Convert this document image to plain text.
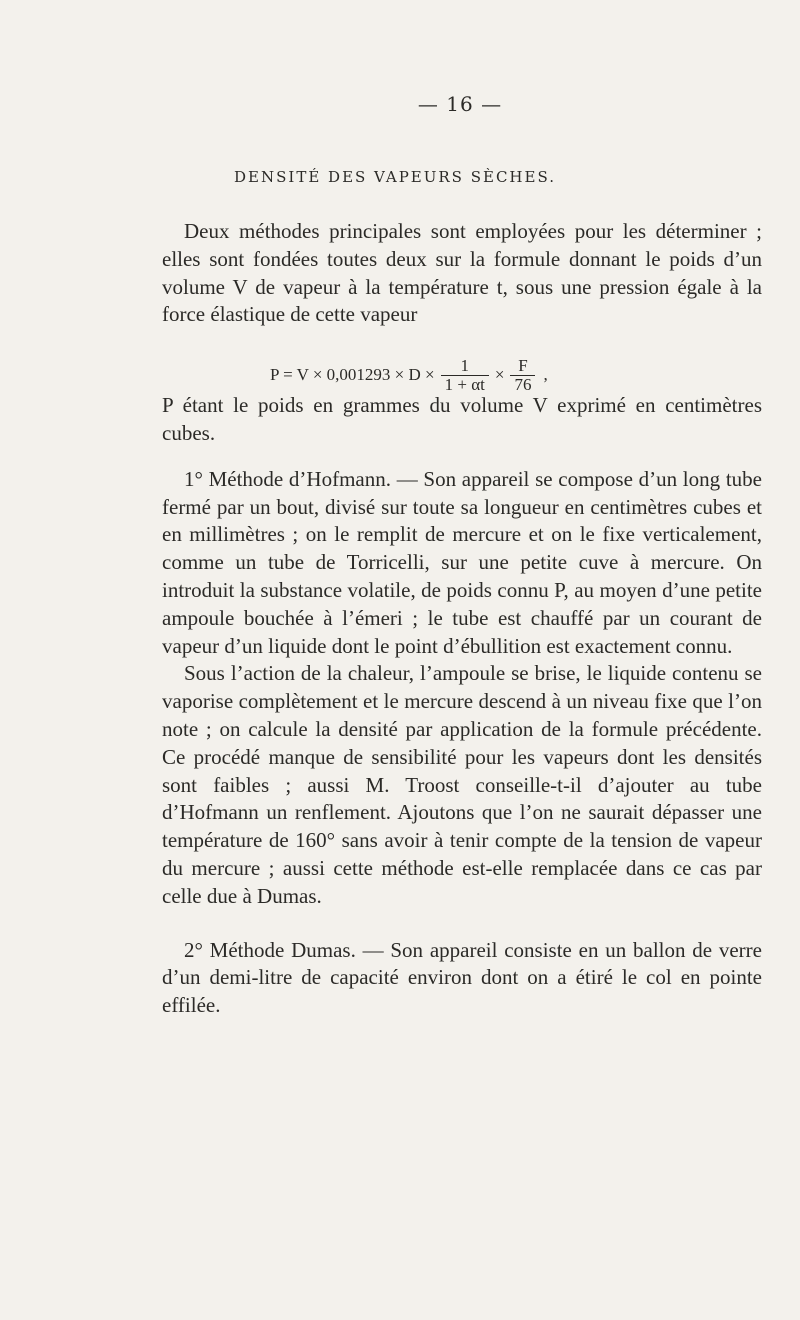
— 16 —
DENSITÉ DES VAPEURS SÈCHES.

Deux méthodes principales sont employées pour les déterminer ; elles sont fondées toutes deux sur la formule donnant le poids d’un volume V de vapeur à la température t, sous une pression égale à la force élastique de cette vapeur

P étant le poids en grammes du volume V exprimé en centimètres cubes.

1° Méthode d’Hofmann. — Son appareil se compose d’un long tube fermé par un bout, divisé sur toute sa longueur en centimètres cubes et en millimètres ; on le remplit de mercure et on le fixe verticalement, comme un tube de Torricelli, sur une petite cuve à mercure. On introduit la substance volatile, de poids connu P, au moyen d’une petite ampoule bouchée à l’émeri ; le tube est chauffé par un courant de vapeur d’un liquide dont le point d’ébullition est exactement connu.

Sous l’action de la chaleur, l’ampoule se brise, le liquide contenu se vaporise complètement et le mercure descend à un niveau fixe que l’on note ; on calcule la densité par application de la formule précédente. Ce procédé manque de sensibilité pour les vapeurs dont les densités sont faibles ; aussi M. Troost conseille-t-il d’ajouter au tube d’Hofmann un renflement. Ajoutons que l’on ne saurait dépasser une température de 160° sans avoir à tenir compte de la tension de vapeur du mercure ; aussi cette méthode est-elle remplacée dans ce cas par celle due à Dumas.

2° Méthode Dumas. — Son appareil consiste en un ballon de verre d’un demi-litre de capacité environ dont on a étiré le col en pointe effilée.

$P = V \times 0,001293 \times D \times \frac{1}{1 + \alpha t} \times \frac{F}{76}$ ,
